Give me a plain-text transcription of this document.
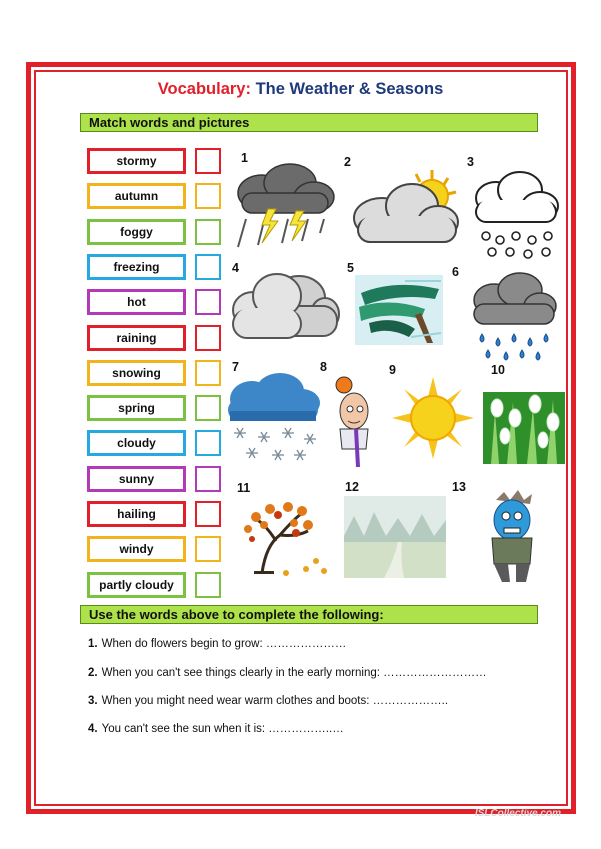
Vocabulary: The Weather & Seasons
Match words and pictures
stormy
autumn
foggy
freezing
hot
raining
snowing
spring
cloudy
sunny
hailing
windy
partly cloudy
1	2	3
4	5	6
7	8	9	10
11	12	13
Use the words above to complete the following:
1. When do flowers begin to grow: …………………
2. When you can't see things clearly in the early morning: ………………………
3. When you might need wear warm clothes and boots: ………………..
4. You can't see the sun when it is: ……………..…
ISLCollective.com
